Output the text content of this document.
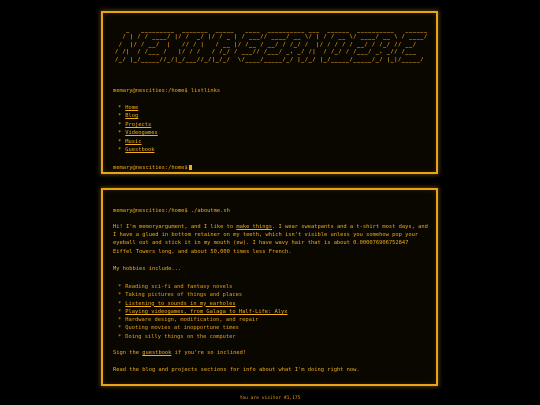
_   _________  _______  _____   ____  __________ ___  ______  __________   ______
/ | / / ____/ |/ /  _/ |/ / _ | / ___// ____/ __ \/ | / / __ \/ ____/ __ \ / ____/
/  |/ / __/  |   // / |   / __ |/ /__ / __/ / /_/ /  |/ / / / / __/ / /_/ // __/
/ /|  / /___ /   |/ / /   / /_/ / ___// /___/ _, _/ /|  / /_/ / /___/ _, _// /___
/_/ |_/_____//_/|_/___//_/|_/_/  \/____/_____/_/ |_/_/ |_/_____/_____/_/ |_|/_____/
memary@nescities:/home$ listlinks
* Home
* Blog
* Projects
* Videogames
* Music
* Guestbook
memary@nescities:/home$
memary@nescities:/home$ ./aboutme.sh

Hi! I'm memoryargument, and I like to make things. I wear sweatpants and a t-shirt most days, and I have a glued in bottom retainer on my teeth, which isn't visible unless you somehow pop your eyeball out and stick it in my mouth (ew). I have wavy hair that is about 0.000076906752847 Eiffel Towers long, and about 50,000 times less French.

My hobbies include...
* Reading sci-fi and fantasy novels
* Taking pictures of things and places
* Listening to sounds in my earholes
* Playing videogames, from Galaga to Half-Life: Alyx
* Hardware design, modification, and repair
* Quoting movies at inopportune times
* Doing silly things on the computer

Sign the guestbook if you're so inclined!

Read the blog and projects sections for info about what I'm doing right now.

You are visitor #1,175
